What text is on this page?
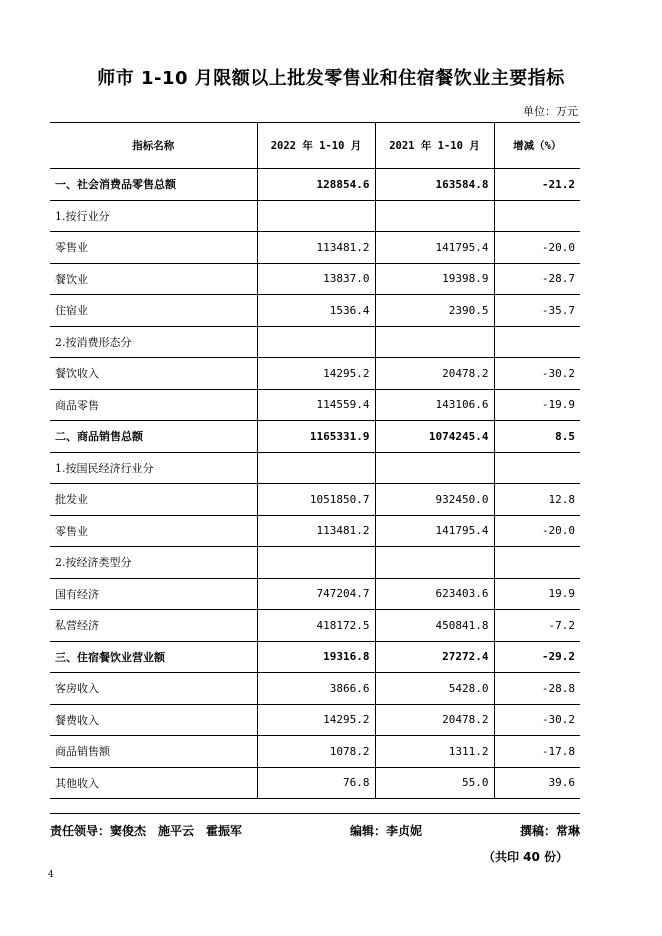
师市 1-10 月限额以上批发零售业和住宿餐饮业主要指标
单位：万元
指标名称	2022 年 1-10 月	2021 年 1-10 月	增减（%）
一、社会消费品零售总额	128854.6	163584.8	-21.2
1.按行业分			
零售业	113481.2	141795.4	-20.0
餐饮业	13837.0	19398.9	-28.7
住宿业	1536.4	2390.5	-35.7
2.按消费形态分			
餐饮收入	14295.2	20478.2	-30.2
商品零售	114559.4	143106.6	-19.9
二、商品销售总额	1165331.9	1074245.4	8.5
1.按国民经济行业分			
批发业	1051850.7	932450.0	12.8
零售业	113481.2	141795.4	-20.0
2.按经济类型分			
国有经济	747204.7	623403.6	19.9
私营经济	418172.5	450841.8	-7.2
三、住宿餐饮业营业额	19316.8	27272.4	-29.2
客房收入	3866.6	5428.0	-28.8
餐费收入	14295.2	20478.2	-30.2
商品销售额	1078.2	1311.2	-17.8
其他收入	76.8	55.0	39.6
责任领导：窦俊杰　施平云　霍振军	编辑：李贞妮	撰稿：常琳
（共印 40 份）
4
